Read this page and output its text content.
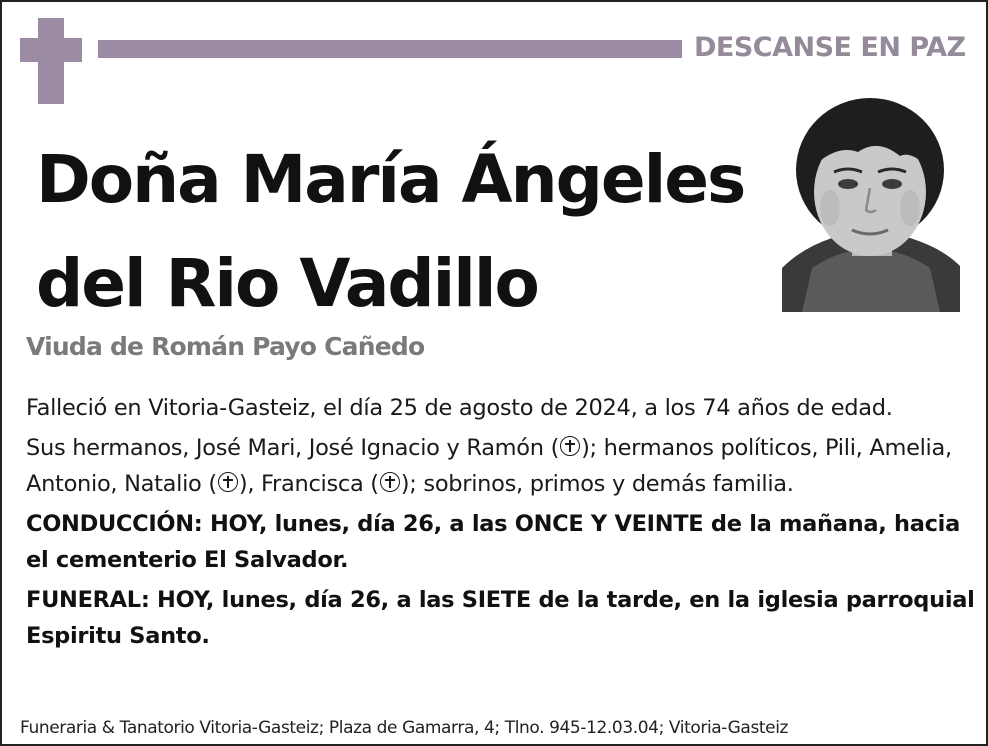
DESCANSE EN PAZ
Doña María Ángeles
del Rio Vadillo
Viuda de Román Payo Cañedo

Falleció en Vitoria-Gasteiz, el día 25 de agosto de 2024, a los 74 años de edad.

Sus hermanos, José Mari, José Ignacio y Ramón ( ); hermanos políticos, Pili, Amelia, Antonio, Natalio ( ), Francisca ( ); sobrinos, primos y demás familia.

CONDUCCIÓN: HOY, lunes, día 26, a las ONCE Y VEINTE de la mañana, hacia el cementerio El Salvador.

FUNERAL: HOY, lunes, día 26, a las SIETE de la tarde, en la iglesia parroquial Espiritu Santo.

Funeraria & Tanatorio Vitoria-Gasteiz; Plaza de Gamarra, 4; Tlno. 945-12.03.04; Vitoria-Gasteiz
